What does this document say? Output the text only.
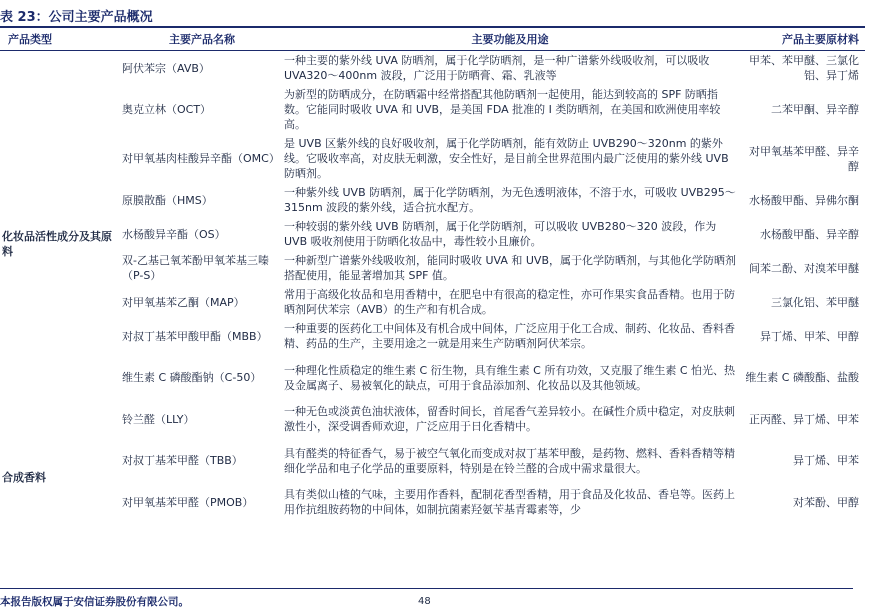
表 23：公司主要产品概况
产品类型	主要产品名称	主要功能及用途	产品主要原材料
化妆品活性成分及其原料	阿伏苯宗（AVB）	一种主要的紫外线 UVA 防晒剂，属于化学防晒剂，是一种广谱紫外线吸收剂，可以吸收 UVA320～400nm 波段，广泛用于防晒膏、霜、乳液等	甲苯、苯甲醚、三氯化铝、异丁烯
	奥克立林（OCT）	为新型的防晒成分，在防晒霜中经常搭配其他防晒剂一起使用，能达到较高的 SPF 防晒指数。它能同时吸收 UVA 和 UVB，是美国 FDA 批准的 I 类防晒剂，在美国和欧洲使用率较高。	二苯甲酮、异辛醇
	对甲氧基肉桂酸异辛酯（OMC）	是 UVB 区紫外线的良好吸收剂，属于化学防晒剂，能有效防止 UVB290～320nm 的紫外线。它吸收率高，对皮肤无刺激，安全性好，是目前全世界范围内最广泛使用的紫外线 UVB 防晒剂。	对甲氧基苯甲醛、异辛醇
	原膜散酯（HMS）	一种紫外线 UVB 防晒剂，属于化学防晒剂，为无色透明液体，不溶于水，可吸收 UVB295～315nm 波段的紫外线，适合抗水配方。	水杨酸甲酯、异佛尔酮
	水杨酸异辛酯（OS）	一种较弱的紫外线 UVB 防晒剂，属于化学防晒剂，可以吸收 UVB280～320 波段，作为 UVB 吸收剂使用于防晒化妆品中，毒性较小且廉价。	水杨酸甲酯、异辛醇
	双-乙基己氧苯酚甲氧苯基三嗪（P-S）	一种新型广谱紫外线吸收剂，能同时吸收 UVA 和 UVB，属于化学防晒剂，与其他化学防晒剂搭配使用，能显著增加其 SPF 值。	间苯二酚、对溴苯甲醚
	对甲氧基苯乙酮（MAP）	常用于高级化妆品和皂用香精中，在肥皂中有很高的稳定性，亦可作果实食品香精。也用于防晒剂阿伏苯宗（AVB）的生产和有机合成。	三氯化铝、苯甲醚
	对叔丁基苯甲酸甲酯（MBB）	一种重要的医药化工中间体及有机合成中间体，广泛应用于化工合成、制药、化妆品、香料香精、药品的生产，主要用途之一就是用来生产防晒剂阿伏苯宗。	异丁烯、甲苯、甲醇
	维生素 C 磷酸酯钠（C-50）	一种理化性质稳定的维生素 C 衍生物，具有维生素 C 所有功效，又克服了维生素 C 怕光、热及金属离子、易被氧化的缺点，可用于食品添加剂、化妆品以及其他领域。	维生素 C 磷酸酯、盐酸
	铃兰醛（LLY）	一种无色或淡黄色油状液体，留香时间长，首尾香气差异较小。在碱性介质中稳定，对皮肤刺激性小，深受调香师欢迎，广泛应用于日化香精中。	正丙醛、异丁烯、甲苯
合成香料	对叔丁基苯甲醛（TBB）	具有醛类的特征香气，易于被空气氧化而变成对叔丁基苯甲酸，是药物、燃料、香料香精等精细化学品和电子化学品的重要原料，特别是在铃兰醛的合成中需求量很大。	异丁烯、甲苯
	对甲氧基苯甲醛（PMOB）	具有类似山楂的气味，主要用作香料，配制花香型香精，用于食品及化妆品、香皂等。医药上用作抗组胺药物的中间体，如制抗菌素羟氨苄基青霉素等，少	对苯酚、甲醇
本报告版权属于安信证券股份有限公司。	48
